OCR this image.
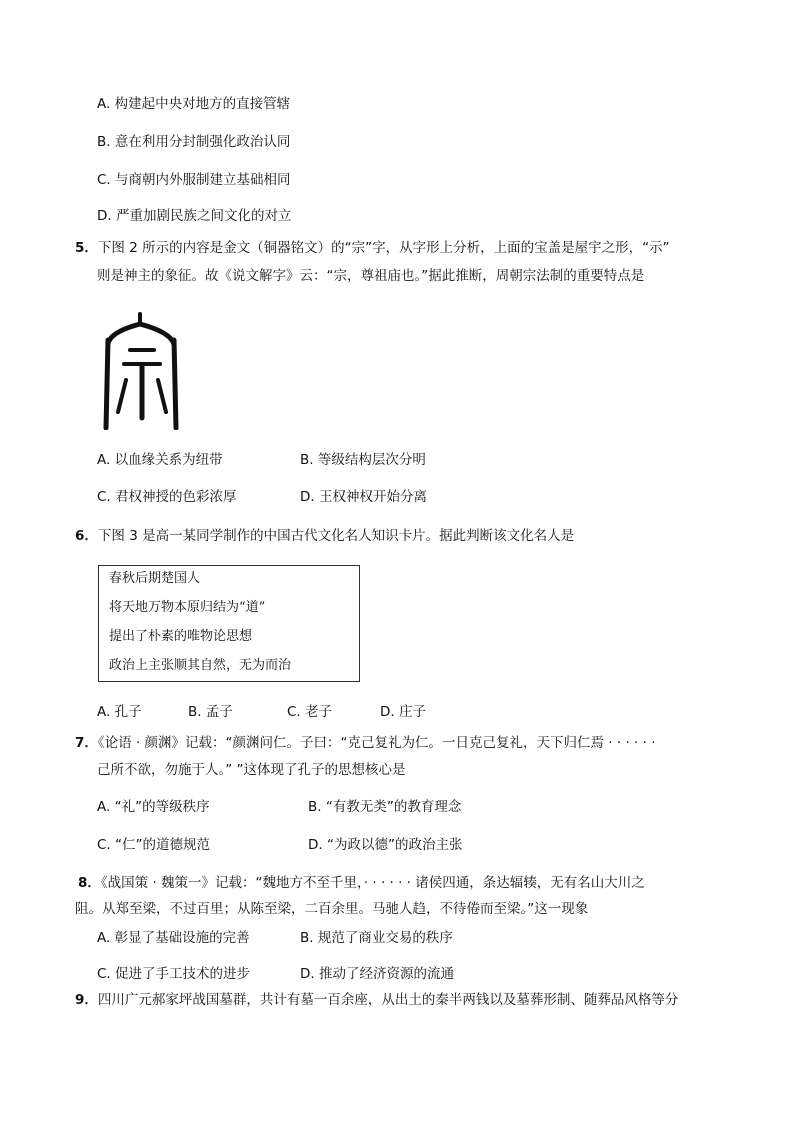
A. 构建起中央对地方的直接管辖
B. 意在利用分封制强化政治认同
C. 与商朝内外服制建立基础相同
D. 严重加剧民族之间文化的对立
5．下图 2 所示的内容是金文（铜器铭文）的“宗”字，从字形上分析，上面的宝盖是屋宇之形，“示”
则是神主的象征。故《说文解字》云：“宗，尊祖庙也。”据此推断，周朝宗法制的重要特点是
A. 以血缘关系为纽带	B. 等级结构层次分明
C. 君权神授的色彩浓厚	D. 王权神权开始分离
6．下图 3 是高一某同学制作的中国古代文化名人知识卡片。据此判断该文化名人是
春秋后期楚国人
将天地万物本原归结为“道”
提出了朴素的唯物论思想
政治上主张顺其自然，无为而治
A. 孔子	B. 孟子	C. 老子	D. 庄子
7．《论语 · 颜渊》记载：“颜渊问仁。子曰：“克己复礼为仁。一日克己复礼，天下归仁焉 · · · · · ·
己所不欲，勿施于人。” ”这体现了孔子的思想核心是
A. “礼”的等级秩序	B. “有教无类”的教育理念
C. “仁”的道德规范	D. “为政以德”的政治主张
8．《战国策 · 魏策一》记载：“魏地方不至千里，· · · · · · 诸侯四通，条达辐辏，无有名山大川之
阻。从郑至梁，不过百里；从陈至梁，二百余里。马驰人趋，不待倦而至梁。”这一现象
A. 彰显了基础设施的完善	B. 规范了商业交易的秩序
C. 促进了手工技术的进步	D. 推动了经济资源的流通
9．四川广元郝家坪战国墓群，共计有墓一百余座，从出土的秦半两钱以及墓葬形制、随葬品风格等分
